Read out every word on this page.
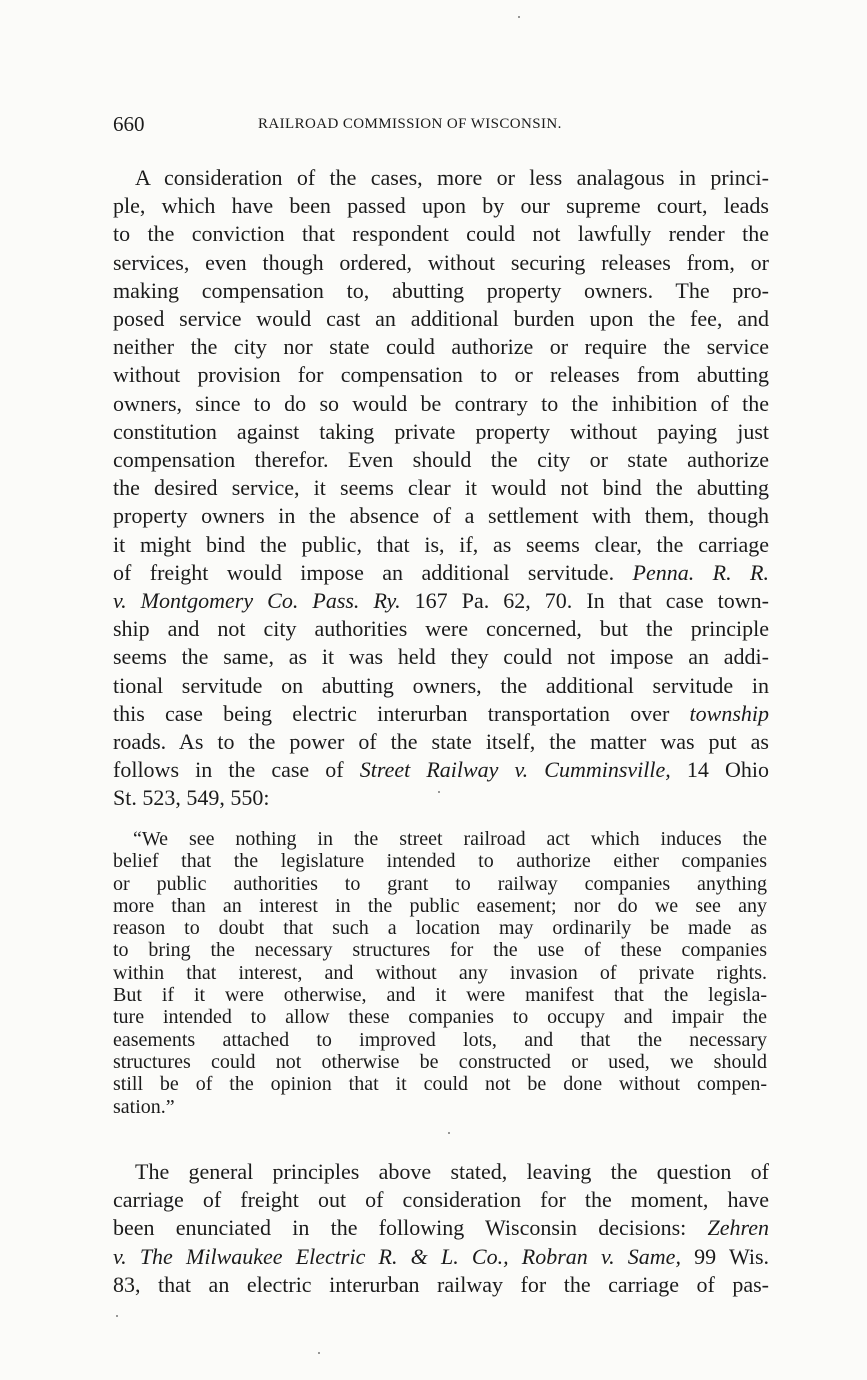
660	RAILROAD COMMISSION OF WISCONSIN.
A consideration of the cases, more or less analagous in princi-
ple, which have been passed upon by our supreme court, leads
to the conviction that respondent could not lawfully render the
services, even though ordered, without securing releases from, or
making compensation to, abutting property owners. The pro-
posed service would cast an additional burden upon the fee, and
neither the city nor state could authorize or require the service
without provision for compensation to or releases from abutting
owners, since to do so would be contrary to the inhibition of the
constitution against taking private property without paying just
compensation therefor. Even should the city or state authorize
the desired service, it seems clear it would not bind the abutting
property owners in the absence of a settlement with them, though
it might bind the public, that is, if, as seems clear, the carriage
of freight would impose an additional servitude. Penna. R. R.
v. Montgomery Co. Pass. Ry. 167 Pa. 62, 70. In that case town-
ship and not city authorities were concerned, but the principle
seems the same, as it was held they could not impose an addi-
tional servitude on abutting owners, the additional servitude in
this case being electric interurban transportation over township
roads. As to the power of the state itself, the matter was put as
follows in the case of Street Railway v. Cumminsville, 14 Ohio
St. 523, 549, 550:
“We see nothing in the street railroad act which induces the
belief that the legislature intended to authorize either companies
or public authorities to grant to railway companies anything
more than an interest in the public easement; nor do we see any
reason to doubt that such a location may ordinarily be made as
to bring the necessary structures for the use of these companies
within that interest, and without any invasion of private rights.
But if it were otherwise, and it were manifest that the legisla-
ture intended to allow these companies to occupy and impair the
easements attached to improved lots, and that the necessary
structures could not otherwise be constructed or used, we should
still be of the opinion that it could not be done without compen-
sation.”
The general principles above stated, leaving the question of
carriage of freight out of consideration for the moment, have
been enunciated in the following Wisconsin decisions: Zehren
v. The Milwaukee Electric R. & L. Co., Robran v. Same, 99 Wis.
83, that an electric interurban railway for the carriage of pas-
